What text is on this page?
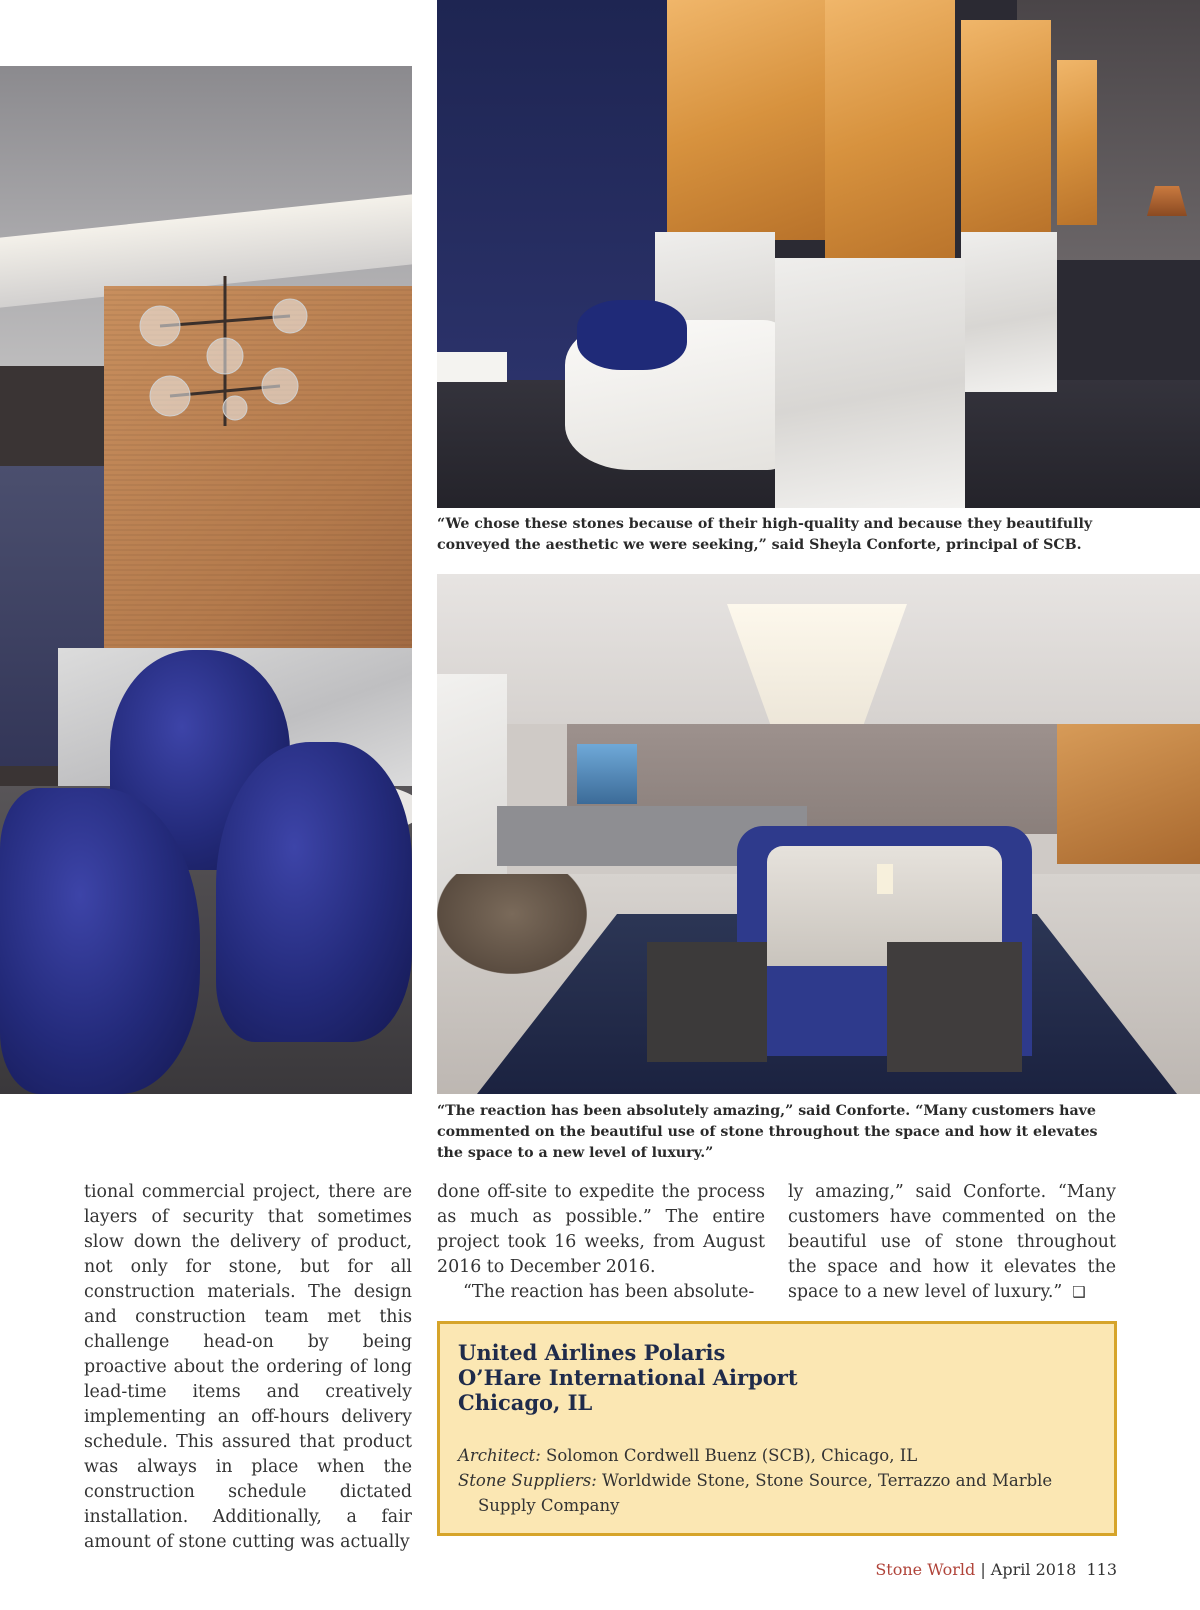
“We chose these stones because of their high-quality and because they beautifully conveyed the aesthetic we were seeking,” said Sheyla Conforte, principal of SCB.

“The reaction has been absolutely amazing,” said Conforte. “Many customers have commented on the beautiful use of stone throughout the space and how it elevates the space to a new level of luxury.”

tional commercial project, there are layers of security that sometimes slow down the delivery of product, not only for stone, but for all construction materials. The design and construction team met this challenge head-on by being proactive about the ordering of long lead-time items and creatively implementing an off-hours delivery schedule. This assured that product was always in place when the construction schedule dictated installation. Additionally, a fair amount of stone cutting was actually

done off-site to expedite the process as much as possible.” The entire project took 16 weeks, from August 2016 to December 2016.
“The reaction has been absolute-
ly amazing,” said Conforte. “Many customers have commented on the beautiful use of stone throughout the space and how it elevates the space to a new level of luxury.” ❑
United Airlines Polaris
O’Hare International Airport
Chicago, IL
Architect: Solomon Cordwell Buenz (SCB), Chicago, IL
Stone Suppliers: Worldwide Stone, Stone Source, Terrazzo and Marble Supply Company
Stone World | April 2018 113
